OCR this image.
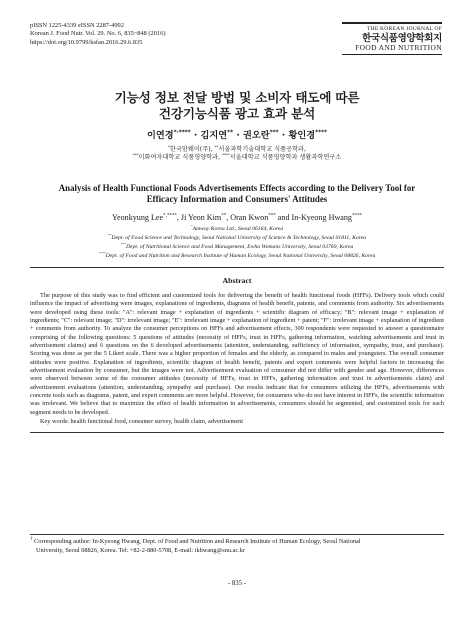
pISSN 1225-4339 eISSN 2287-4992
Korean J. Food Nutr. Vol. 29. No. 6, 835~848 (2016)
https://doi.org/10.9799/ksfan.2016.29.6.835
THE KOREAN JOURNAL OF
한국식품영양학회지
FOOD AND NUTRITION
기능성 정보 전달 방법 및 소비자 태도에 따른
건강기능식품 광고 효과 분석
이연경*·**** · 김지연** · 권오란*** · 황인경****
*한국암웨이(주), **서울과학기술대학교 식품공학과,
***이화여자대학교 식품영양학과, ****서울대학교 식품영양학과 생활과학연구소
Analysis of Health Functional Foods Advertisements Effects according to the Delivery Tool for
Efficacy Information and Consumers' Attitudes
Yeonkyung Lee*,****, Ji Yeon Kim**, Oran Kwon*** and In-Kyeong Hwang****
*Amway Korea Ltd., Seoul 06164, Korea
**Dept. of Food Science and Technology, Seoul National University of Science & Technology, Seoul 01811, Korea
***Dept. of Nutritional Science and Food Management, Ewha Womans University, Seoul 03760, Korea
****Dept. of Food and Nutrition and Research Institute of Human Ecology, Seoul National University, Seoul 08826, Korea
Abstract

The purpose of this study was to find efficient and customized tools for delivering the benefit of health functional foods (HFFs). Delivery tools which could influence the impact of advertising were images, explanations of ingredients, diagrams of health benefit, patents, and comments from authority. Six advertisements were developed using these tools: "A": relevant image + explanation of ingredients + scientific diagram of efficacy; "B": relevant image + explanation of ingredients; "C": relevant image; "D": irrelevant image; "E": irrelevant image + explanation of ingredient + patent; "F": irrelevant image + explanation of ingredient + comments from authority. To analyze the consumer perceptions on HFFs and advertisement effects, 300 respondents were requested to answer a questionnaire comprising of the following questions: 5 questions of attitudes (necessity of HFFs, trust in HFFs, gathering information, watching advertisements and trust in advertisement claims) and 6 questions on the 6 developed advertisements (attention, understanding, sufficiency of information, sympathy, trust, and purchase). Scoring was done as per the 5 Likert scale. There was a higher proportion of females and the elderly, as compared to males and youngsters. The overall consumer attitudes were positive. Explanation of ingredients, scientific diagram of health benefit, patents and expert comments were helpful factors in increasing the advertisement evaluation by consumer, but the images were not. Advertisement evaluation of consumer did not differ with gender and age. However, differences were observed between some of the consumer attitudes (necessity of HFFs, trust in HFFs, gathering information and trust in advertisements claim) and advertisement evaluations (attention, understanding, sympathy and purchase). Our results indicate that for consumers utilizing the HFFs, advertisements with concrete tools such as diagrams, patent, and expert comments are more helpful. However, for consumers who do not have interest in HFFs, the scientific information was irrelevant. We believe that to maximize the effect of health information in advertisements, consumers should be segmented, and customized tools for each segment needs to be developed.

Key words: health functional food, consumer survey, health claim, advertisement
† Corresponding author: In-Kyeong Hwang, Dept. of Food and Nutrition and Research Institute of Human Ecology, Seoul National
University, Seoul 08826, Korea. Tel: +82-2-880-5708, E-mail: ikhwang@snu.ac.kr
- 835 -
